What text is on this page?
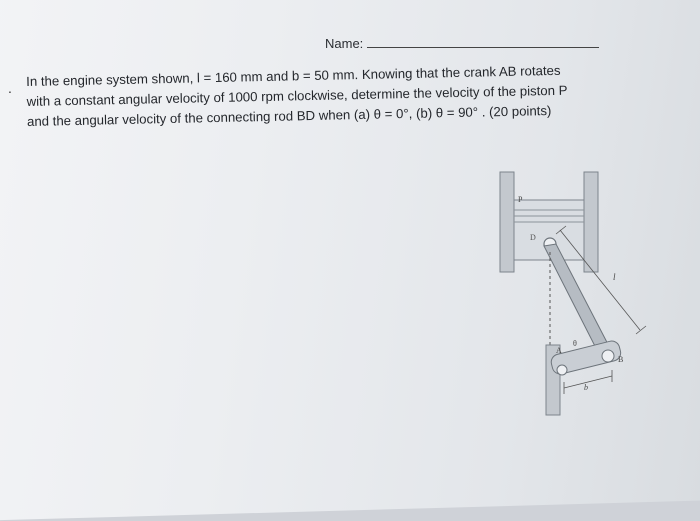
Name:
. In the engine system shown, l = 160 mm and b = 50 mm. Knowing that the crank AB rotates

with a constant angular velocity of 1000 rpm clockwise, determine the velocity of the piston P

and the angular velocity of the connecting rod BD when (a) θ = 0°, (b) θ = 90° . (20 points)

P
D
l
A
θ
B
b
